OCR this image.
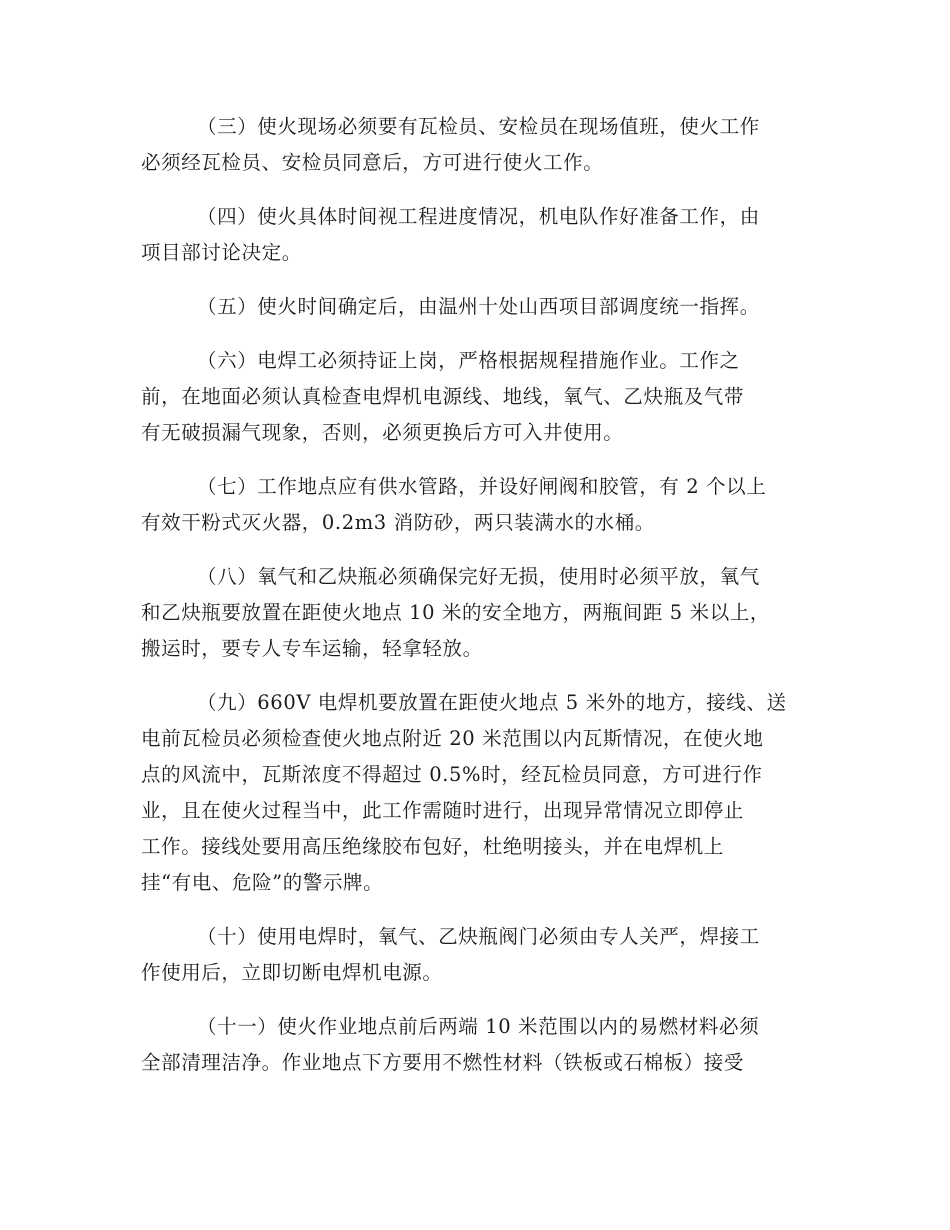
（三）使火现场必须要有瓦检员、安检员在现场值班，使火工作
必须经瓦检员、安检员同意后，方可进行使火工作。
（四）使火具体时间视工程进度情况，机电队作好准备工作，由
项目部讨论决定。
（五）使火时间确定后，由温州十处山西项目部调度统一指挥。
（六）电焊工必须持证上岗，严格根据规程措施作业。工作之
前，在地面必须认真检查电焊机电源线、地线，氧气、乙炔瓶及气带
有无破损漏气现象，否则，必须更换后方可入井使用。
（七）工作地点应有供水管路，并设好闸阀和胶管，有 2 个以上
有效干粉式灭火器，0.2m3 消防砂，两只装满水的水桶。
（八）氧气和乙炔瓶必须确保完好无损，使用时必须平放，氧气
和乙炔瓶要放置在距使火地点 10 米的安全地方，两瓶间距 5 米以上，
搬运时，要专人专车运输，轻拿轻放。
（九）660V 电焊机要放置在距使火地点 5 米外的地方，接线、送
电前瓦检员必须检查使火地点附近 20 米范围以内瓦斯情况，在使火地
点的风流中，瓦斯浓度不得超过 0.5%时，经瓦检员同意，方可进行作
业，且在使火过程当中，此工作需随时进行，出现异常情况立即停止
工作。接线处要用高压绝缘胶布包好，杜绝明接头，并在电焊机上
挂“有电、危险”的警示牌。
（十）使用电焊时，氧气、乙炔瓶阀门必须由专人关严，焊接工
作使用后，立即切断电焊机电源。
（十一）使火作业地点前后两端 10 米范围以内的易燃材料必须
全部清理洁净。作业地点下方要用不燃性材料（铁板或石棉板）接受
